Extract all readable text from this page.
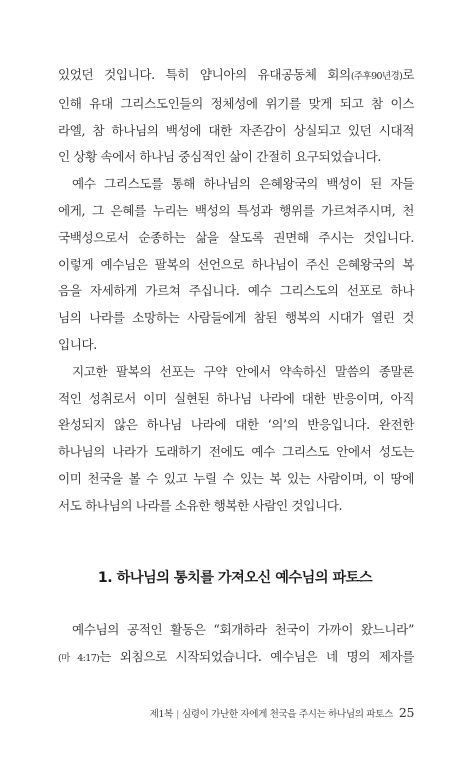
있었던 것입니다. 특히 얌니아의 유대공동체 회의(주후90년경)로
인해 유대 그리스도인들의 정체성에 위기를 맞게 되고 참 이스
라엘, 참 하나님의 백성에 대한 자존감이 상실되고 있던 시대적
인 상황 속에서 하나님 중심적인 삶이 간절히 요구되었습니다.
예수 그리스도를 통해 하나님의 은혜왕국의 백성이 된 자들
에게, 그 은혜를 누리는 백성의 특성과 행위를 가르쳐주시며, 천
국백성으로서 순종하는 삶을 살도록 권면해 주시는 것입니다.
이렇게 예수님은 팔복의 선언으로 하나님이 주신 은혜왕국의 복
음을 자세하게 가르쳐 주십니다. 예수 그리스도의 선포로 하나
님의 나라를 소망하는 사람들에게 참된 행복의 시대가 열린 것
입니다.
지고한 팔복의 선포는 구약 안에서 약속하신 말씀의 종말론
적인 성취로서 이미 실현된 하나님 나라에 대한 반응이며, 아직
완성되지 않은 하나님 나라에 대한 ‘의’의 반응입니다. 완전한
하나님의 나라가 도래하기 전에도 예수 그리스도 안에서 성도는
이미 천국을 볼 수 있고 누릴 수 있는 복 있는 사람이며, 이 땅에
서도 하나님의 나라를 소유한 행복한 사람인 것입니다.
1. 하나님의 통치를 가져오신 예수님의 파토스
예수님의 공적인 활동은 “회개하라 천국이 가까이 왔느니라”
(마 4:17)는 외침으로 시작되었습니다. 예수님은 네 명의 제자를
제1복 | 심령이 가난한 자에게 천국을 주시는 하나님의 파토스 25
